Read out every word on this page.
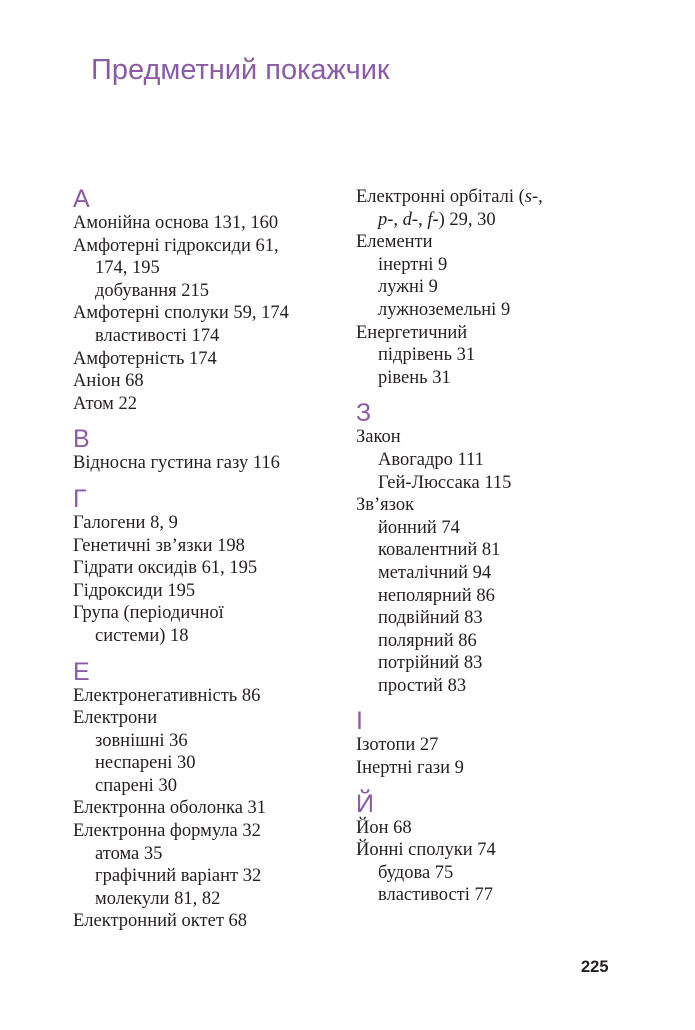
Предметний покажчик
А
Амонійна основа 131, 160
Амфотерні гідроксиди 61,
174, 195
добування 215
Амфотерні сполуки 59, 174
властивості 174
Амфотерність 174
Аніон 68
Атом 22
В
Відносна густина газу 116
Г
Галогени 8, 9
Генетичні зв’язки 198
Гідрати оксидів 61, 195
Гідроксиди 195
Група (періодичної
системи) 18
Е
Електронегативність 86
Електрони
зовнішні 36
неспарені 30
спарені 30
Електронна оболонка 31
Електронна формула 32
атома 35
графічний варіант 32
молекули 81, 82
Електронний октет 68
Електронні орбіталі (s-,
p-, d-, f-) 29, 30
Елементи
інертні 9
лужні 9
лужноземельні 9
Енергетичний
підрівень 31
рівень 31
З
Закон
Авогадро 111
Гей-Люссака 115
Зв’язок
йонний 74
ковалентний 81
металічний 94
неполярний 86
подвійний 83
полярний 86
потрійний 83
простий 83
І
Ізотопи 27
Інертні гази 9
Й
Йон 68
Йонні сполуки 74
будова 75
властивості 77
225
